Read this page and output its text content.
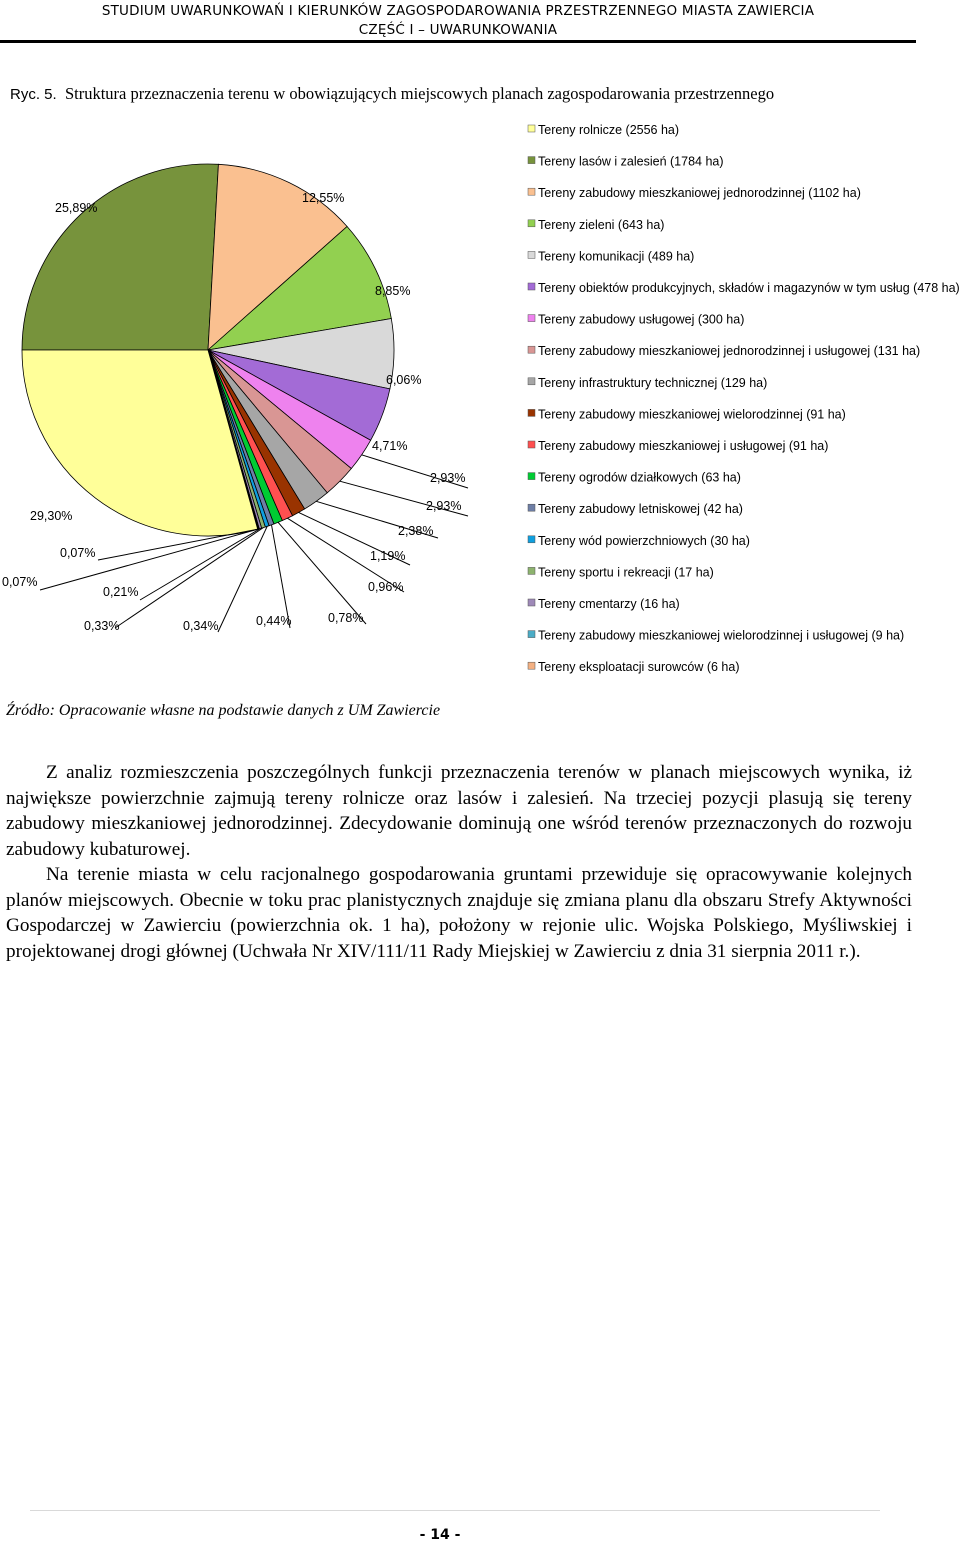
STUDIUM UWARUNKOWAŃ I KIERUNKÓW ZAGOSPODAROWANIA PRZESTRZENNEGO MIASTA ZAWIERCIA
CZĘŚĆ I – UWARUNKOWANIA
Ryc. 5. Struktura przeznaczenia terenu w obowiązujących miejscowych planach zagospodarowania przestrzennego
29,30%
25,89%
12,55%
8,85%
6,06%
4,71%
2,93%
2,93%
2,38%
1,19%
0,96%
0,78%
0,44%
0,34%
0,33%
0,21%
0,07%
0,07%
Tereny rolnicze (2556 ha)
Tereny lasów i zalesień (1784 ha)
Tereny zabudowy mieszkaniowej jednorodzinnej (1102 ha)
Tereny zieleni (643 ha)
Tereny komunikacji (489 ha)
Tereny obiektów produkcyjnych, składów i magazynów w tym usług (478 ha)
Tereny zabudowy usługowej (300 ha)
Tereny zabudowy mieszkaniowej jednorodzinnej i usługowej (131 ha)
Tereny infrastruktury technicznej (129 ha)
Tereny zabudowy mieszkaniowej wielorodzinnej (91 ha)
Tereny zabudowy mieszkaniowej i usługowej (91 ha)
Tereny ogrodów działkowych (63 ha)
Tereny zabudowy letniskowej (42 ha)
Tereny wód powierzchniowych (30 ha)
Tereny sportu i rekreacji (17 ha)
Tereny cmentarzy (16 ha)
Tereny zabudowy mieszkaniowej wielorodzinnej i usługowej (9 ha)
Tereny eksploatacji surowców (6 ha)
Źródło: Opracowanie własne na podstawie danych z UM Zawiercie

Z analiz rozmieszczenia poszczególnych funkcji przeznaczenia terenów w planach miejscowych wynika, iż największe powierzchnie zajmują tereny rolnicze oraz lasów i zalesień. Na trzeciej pozycji plasują się tereny zabudowy mieszkaniowej jednorodzinnej. Zdecydowanie dominują one wśród terenów przeznaczonych do rozwoju zabudowy kubaturowej.

Na terenie miasta w celu racjonalnego gospodarowania gruntami przewiduje się opracowywanie kolejnych planów miejscowych. Obecnie w toku prac planistycznych znajduje się zmiana planu dla obszaru Strefy Aktywności Gospodarczej w Zawierciu (powierzchnia ok. 1 ha), położony w rejonie ulic. Wojska Polskiego, Myśliwskiej i projektowanej drogi głównej (Uchwała Nr XIV/111/11 Rady Miejskiej w Zawierciu z dnia 31 sierpnia 2011 r.).

- 14 -
